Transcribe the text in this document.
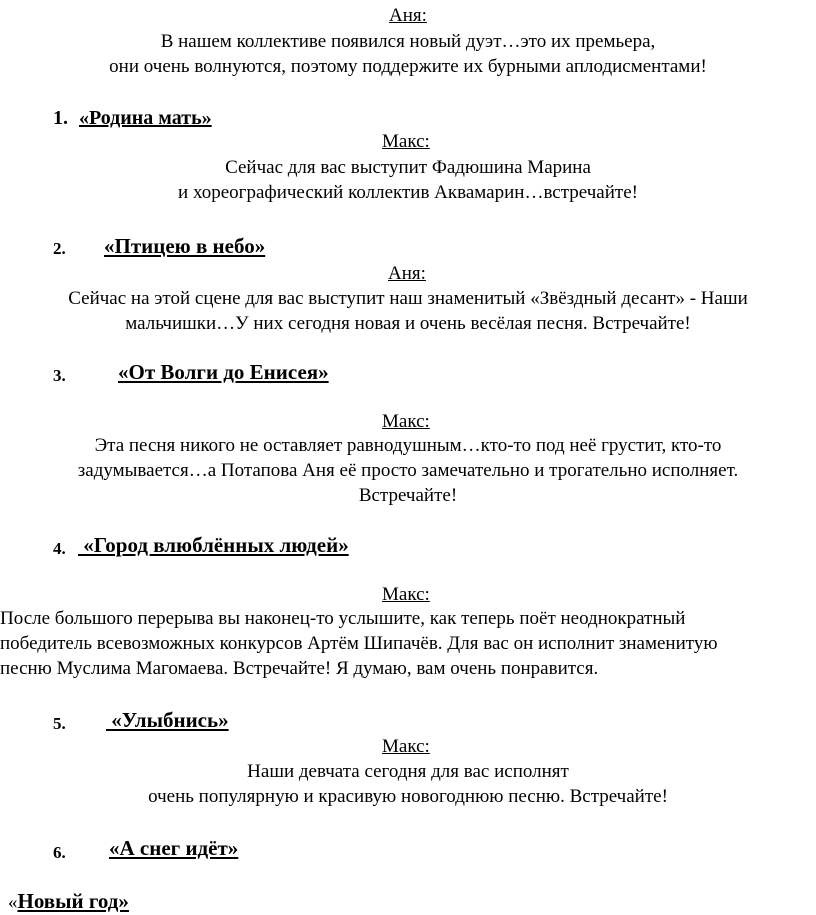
Аня:
В нашем коллективе появился новый дуэт…это их премьера,
они очень волнуются, поэтому поддержите их бурными аплодисментами!
1. «Родина мать»
Макс:
Сейчас для вас выступит Фадюшина Марина
и хореографический коллектив Аквамарин…встречайте!
2. «Птицею в небо»
Аня:
Сейчас на этой сцене для вас выступит наш знаменитый «Звёздный десант» - Наши
мальчишки…У них сегодня новая и очень весёлая песня. Встречайте!
3. «От Волги до Енисея»
Макс:
Эта песня никого не оставляет равнодушным…кто-то под неё грустит, кто-то
задумывается…а Потапова Аня её просто замечательно и трогательно исполняет.
Встречайте!
4. «Город влюблённых людей»
Макс:
После большого перерыва вы наконец-то услышите, как теперь поёт неоднократный
победитель всевозможных конкурсов Артём Шипачёв. Для вас он исполнит знаменитую
песню Муслима Магомаева. Встречайте! Я думаю, вам очень понравится.
5. «Улыбнись»
Макс:
Наши девчата сегодня для вас исполнят
очень популярную и красивую новогоднюю песню. Встречайте!
6. «А снег идёт»
«Новый год»
